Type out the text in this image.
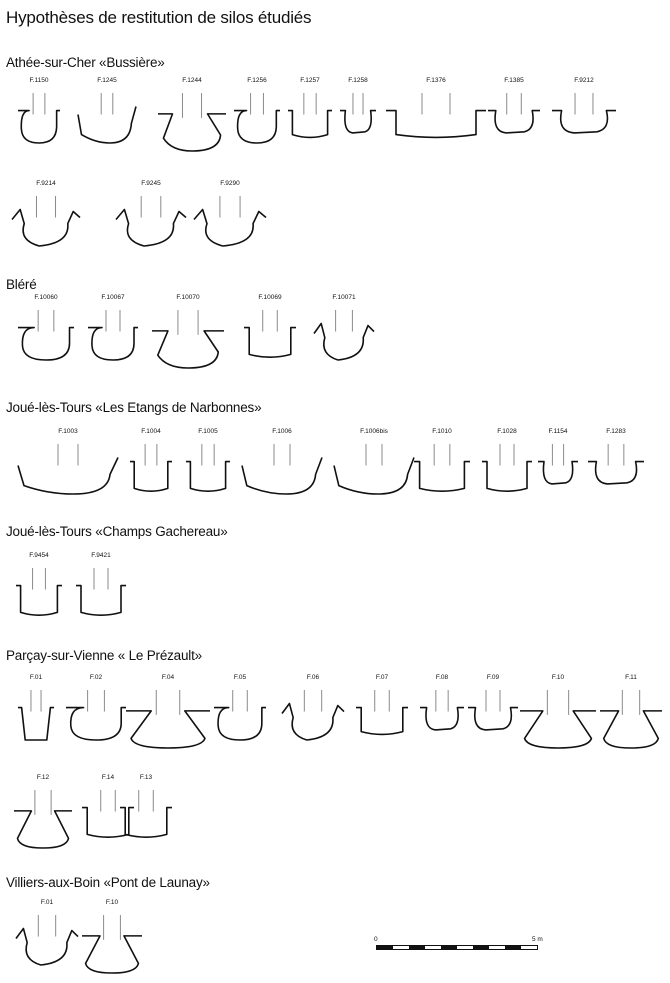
Hypothèses de restitution de silos étudiés
Athée-sur-Cher «Bussière»
Bléré
Joué-lès-Tours «Les Etangs de Narbonnes»
Joué-lès-Tours «Champs Gachereau»
Parçay-sur-Vienne « Le Prézault»
Villiers-aux-Boin «Pont de Launay»
F.1150	F.1245	F.1244	F.1256	F.1257	F.1258	F.1376	F.1385	F.9212
F.9214	F.9245	F.9290
F.10060	F.10067	F.10070	F.10069	F.10071
F.1003	F.1004	F.1005	F.1006	F.1006bis	F.1010	F.1028	F.1154	F.1283
F.9454	F.9421
F.01	F.02	F.04	F.05	F.06	F.07	F.08	F.09	F.10	F.11
F.12	F.14	F.13
F.01	F.10
0	5 m
